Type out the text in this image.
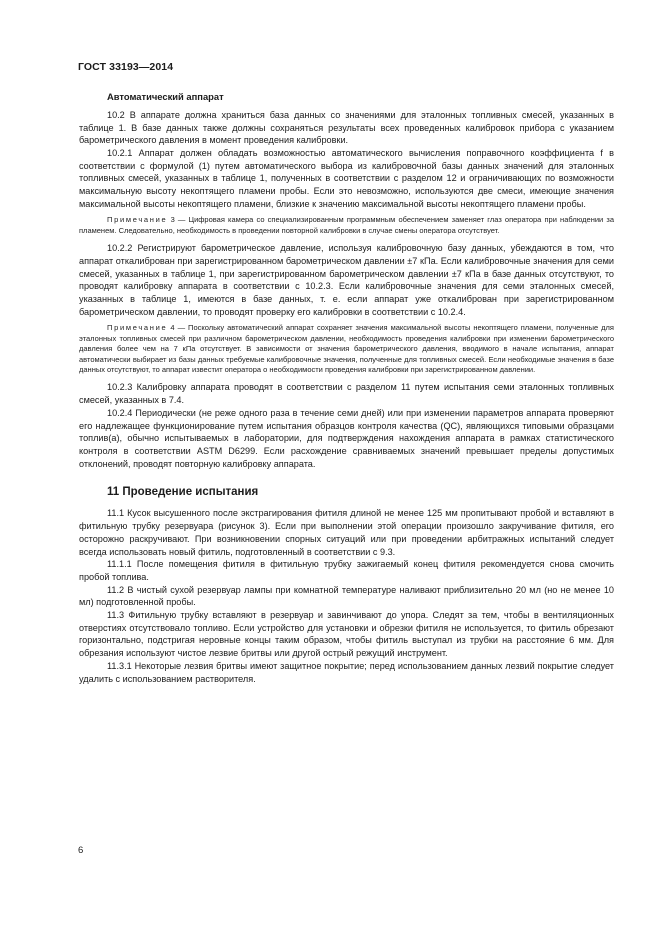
ГОСТ 33193—2014
Автоматический аппарат

10.2 В аппарате должна храниться база данных со значениями для эталонных топливных смесей, указанных в таблице 1. В базе данных также должны сохраняться результаты всех проведенных калибровок прибора с указанием барометрического давления в момент проведения калибровки.

10.2.1 Аппарат должен обладать возможностью автоматического вычисления поправочного коэффициента f в соответствии с формулой (1) путем автоматического выбора из калибровочной базы данных значений для эталонных топливных смесей, указанных в таблице 1, полученных в соответствии с разделом 12 и ограничивающих по возможности максимальную высоту некоптящего пламени пробы. Если это невозможно, используются две смеси, имеющие значения максимальной высоты некоптящего пламени, близкие к значению максимальной высоты некоптящего пламени пробы.

Примечание 3 — Цифровая камера со специализированным программным обеспечением заменяет глаз оператора при наблюдении за пламенем. Следовательно, необходимость в проведении повторной калибровки в случае смены оператора отсутствует.

10.2.2 Регистрируют барометрическое давление, используя калибровочную базу данных, убеждаются в том, что аппарат откалиброван при зарегистрированном барометрическом давлении ±7 кПа. Если калибровочные значения для семи смесей, указанных в таблице 1, при зарегистрированном барометрическом давлении ±7 кПа в базе данных отсутствуют, то проводят калибровку аппарата в соответствии с 10.2.3. Если калибровочные значения для семи эталонных смесей, указанных в таблице 1, имеются в базе данных, т. е. если аппарат уже откалиброван при зарегистрированном барометрическом давлении, то проводят проверку его калибровки в соответствии с 10.2.4.

Примечание 4 — Поскольку автоматический аппарат сохраняет значения максимальной высоты некоптящего пламени, полученные для эталонных топливных смесей при различном барометрическом давлении, необходимость проведения калибровки при изменении барометрического давления более чем на 7 кПа отсутствует. В зависимости от значения барометрического давления, вводимого в начале испытания, аппарат автоматически выбирает из базы данных требуемые калибровочные значения, полученные для топливных смесей. Если необходимые значения в базе данных отсутствуют, то аппарат известит оператора о необходимости проведения калибровки при зарегистрированном давлении.

10.2.3 Калибровку аппарата проводят в соответствии с разделом 11 путем испытания семи эталонных топливных смесей, указанных в 7.4.

10.2.4 Периодически (не реже одного раза в течение семи дней) или при изменении параметров аппарата проверяют его надлежащее функционирование путем испытания образцов контроля качества (QC), являющихся типовыми образцами топлив(а), обычно испытываемых в лаборатории, для подтверждения нахождения аппарата в рамках статистического контроля в соответствии ASTM D6299. Если расхождение сравниваемых значений превышает пределы допустимых отклонений, проводят повторную калибровку аппарата.

11 Проведение испытания

11.1 Кусок высушенного после экстрагирования фитиля длиной не менее 125 мм пропитывают пробой и вставляют в фитильную трубку резервуара (рисунок 3). Если при выполнении этой операции произошло закручивание фитиля, его осторожно раскручивают. При возникновении спорных ситуаций или при проведении арбитражных испытаний следует всегда использовать новый фитиль, подготовленный в соответствии с 9.3.

11.1.1 После помещения фитиля в фитильную трубку зажигаемый конец фитиля рекомендуется снова смочить пробой топлива.

11.2 В чистый сухой резервуар лампы при комнатной температуре наливают приблизительно 20 мл (но не менее 10 мл) подготовленной пробы.

11.3 Фитильную трубку вставляют в резервуар и завинчивают до упора. Следят за тем, чтобы в вентиляционных отверстиях отсутствовало топливо. Если устройство для установки и обрезки фитиля не используется, то фитиль обрезают горизонтально, подстригая неровные концы таким образом, чтобы фитиль выступал из трубки на расстояние 6 мм. Для обрезания используют чистое лезвие бритвы или другой острый режущий инструмент.

11.3.1 Некоторые лезвия бритвы имеют защитное покрытие; перед использованием данных лезвий покрытие следует удалить с использованием растворителя.

6
